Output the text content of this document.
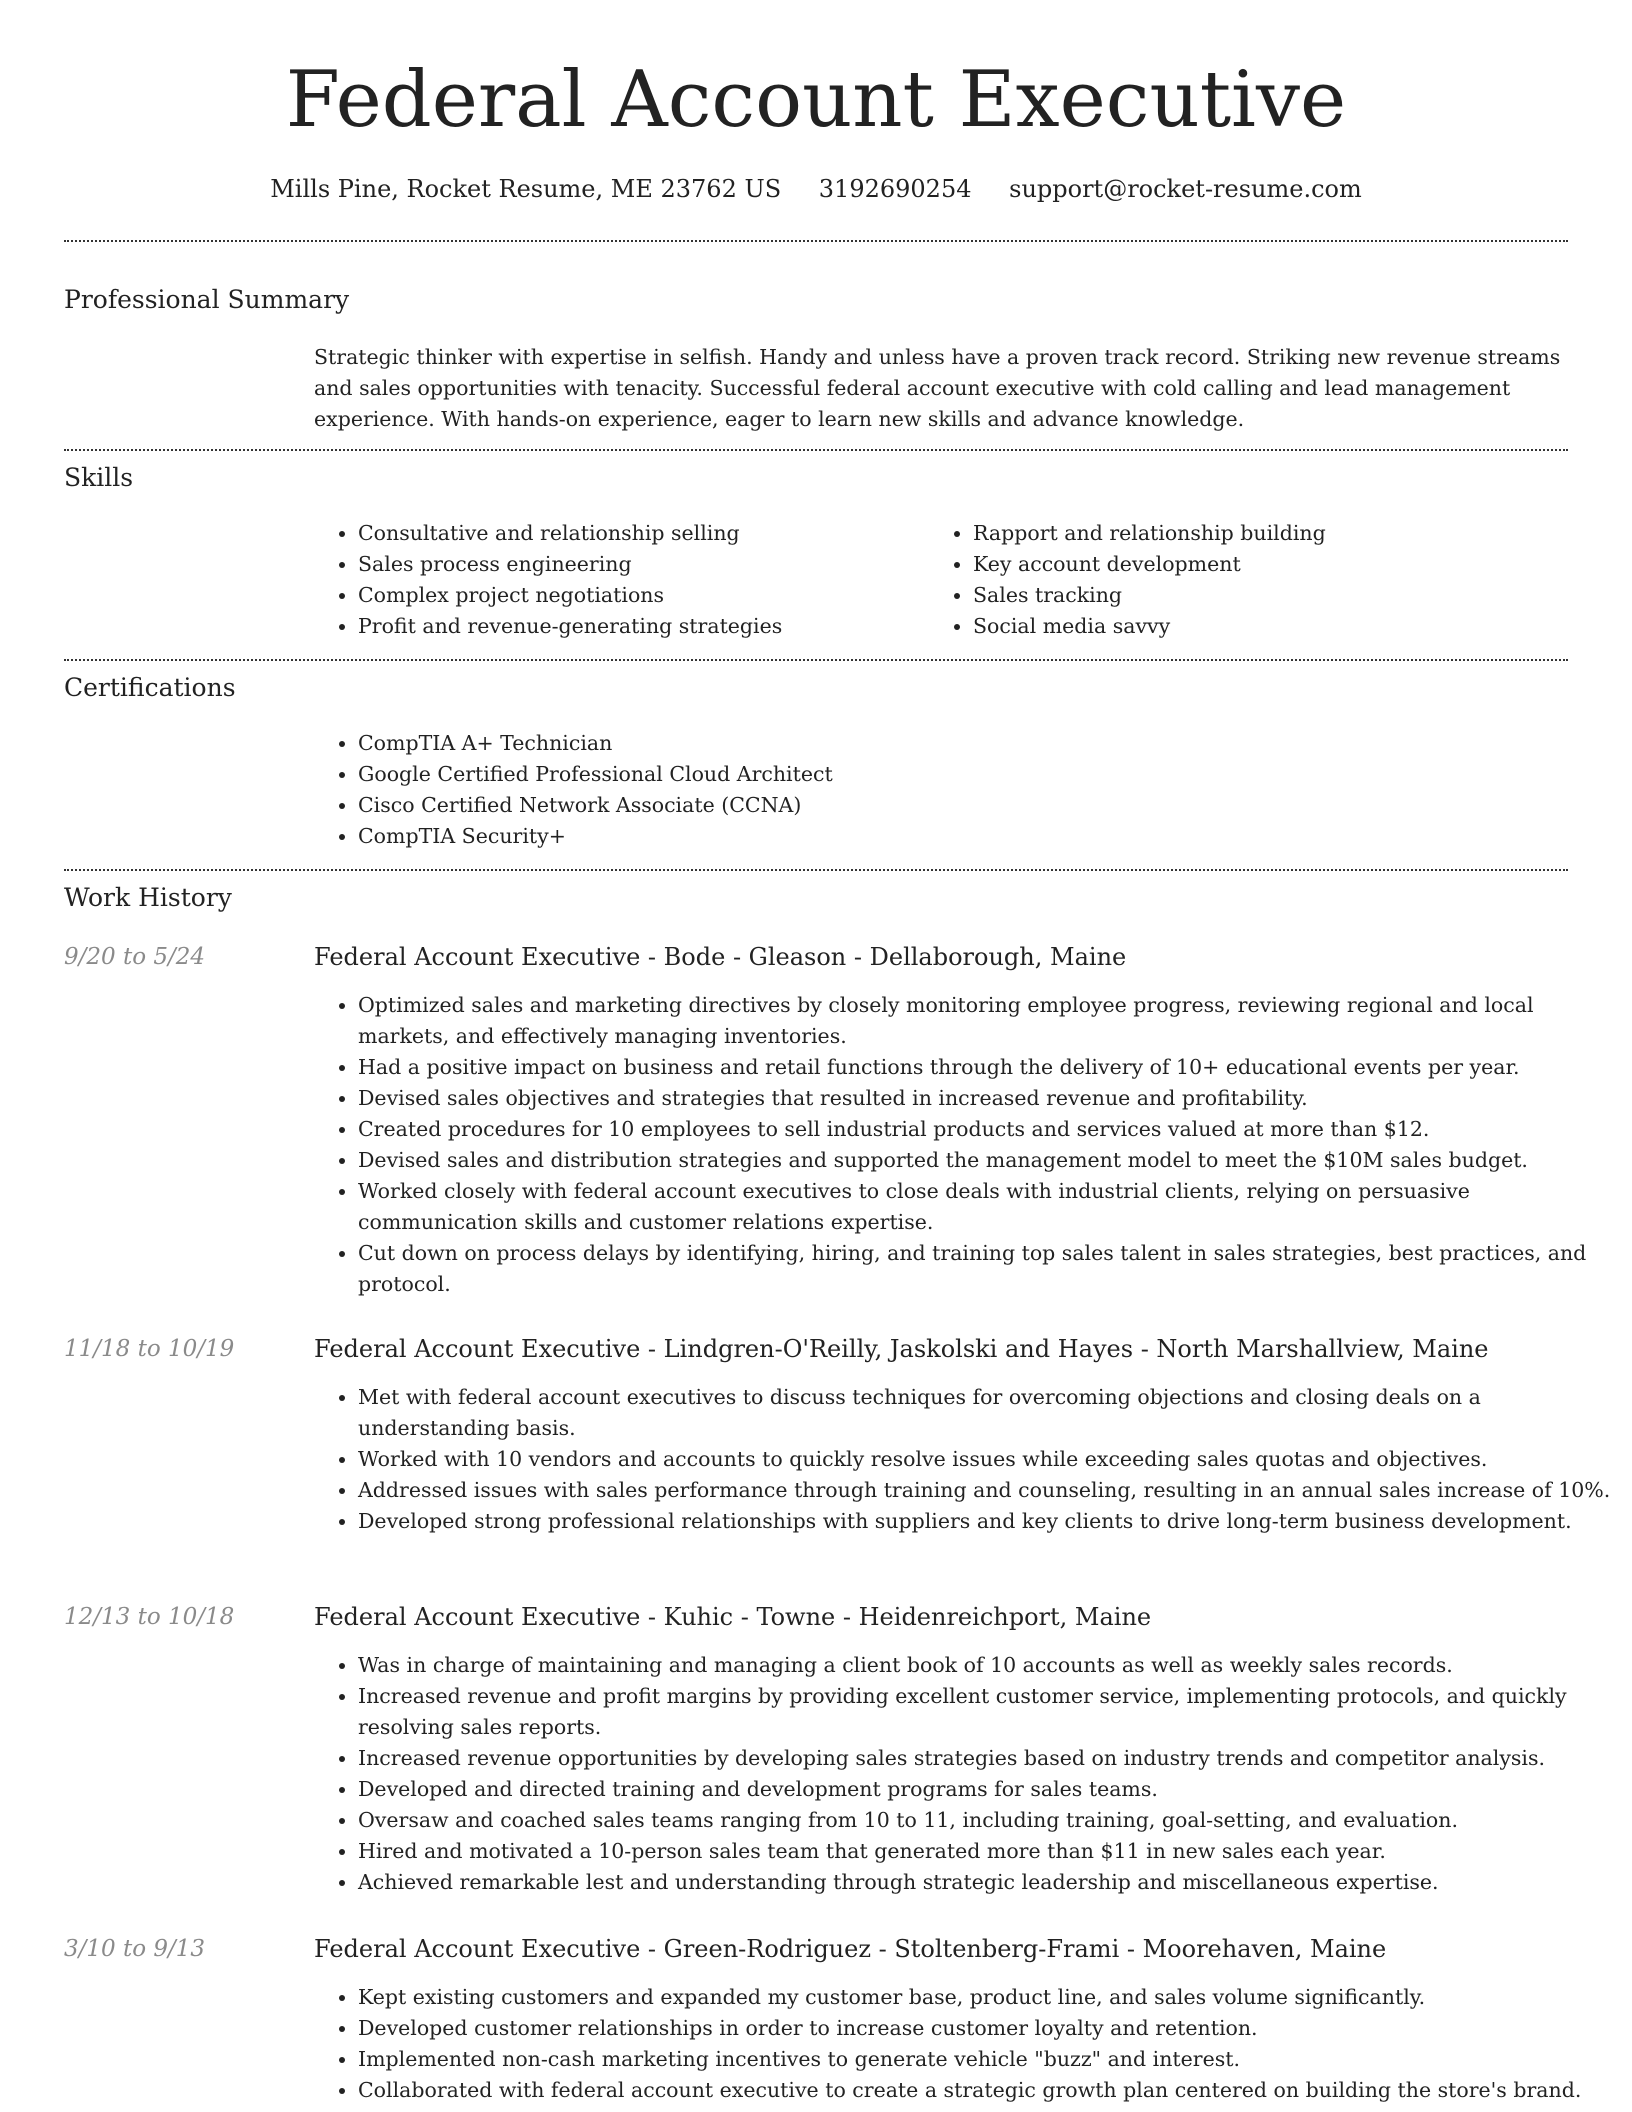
Federal Account Executive
Mills Pine, Rocket Resume, ME 23762 US 3192690254 support@rocket-resume.com
Professional Summary

Strategic thinker with expertise in selfish. Handy and unless have a proven track record. Striking new revenue streams and sales opportunities with tenacity. Successful federal account executive with cold calling and lead management experience. With hands-on experience, eager to learn new skills and advance knowledge.

Skills
• Consultative and relationship selling
• Sales process engineering
• Complex project negotiations
• Profit and revenue-generating strategies
• Rapport and relationship building
• Key account development
• Sales tracking
• Social media savvy
Certifications
• CompTIA A+ Technician
• Google Certified Professional Cloud Architect
• Cisco Certified Network Associate (CCNA)
• CompTIA Security+
Work History
9/20 to 5/24	Federal Account Executive - Bode - Gleason - Dellaborough, Maine
• Optimized sales and marketing directives by closely monitoring employee progress, reviewing regional and local markets, and effectively managing inventories.
• Had a positive impact on business and retail functions through the delivery of 10+ educational events per year.
• Devised sales objectives and strategies that resulted in increased revenue and profitability.
• Created procedures for 10 employees to sell industrial products and services valued at more than $12.
• Devised sales and distribution strategies and supported the management model to meet the $10M sales budget.
• Worked closely with federal account executives to close deals with industrial clients, relying on persuasive communication skills and customer relations expertise.
• Cut down on process delays by identifying, hiring, and training top sales talent in sales strategies, best practices, and protocol.
11/18 to 10/19	Federal Account Executive - Lindgren-O'Reilly, Jaskolski and Hayes - North Marshallview, Maine
• Met with federal account executives to discuss techniques for overcoming objections and closing deals on a understanding basis.
• Worked with 10 vendors and accounts to quickly resolve issues while exceeding sales quotas and objectives.
• Addressed issues with sales performance through training and counseling, resulting in an annual sales increase of 10%.
• Developed strong professional relationships with suppliers and key clients to drive long-term business development.
12/13 to 10/18	Federal Account Executive - Kuhic - Towne - Heidenreichport, Maine
• Was in charge of maintaining and managing a client book of 10 accounts as well as weekly sales records.
• Increased revenue and profit margins by providing excellent customer service, implementing protocols, and quickly resolving sales reports.
• Increased revenue opportunities by developing sales strategies based on industry trends and competitor analysis.
• Developed and directed training and development programs for sales teams.
• Oversaw and coached sales teams ranging from 10 to 11, including training, goal-setting, and evaluation.
• Hired and motivated a 10-person sales team that generated more than $11 in new sales each year.
• Achieved remarkable lest and understanding through strategic leadership and miscellaneous expertise.
3/10 to 9/13	Federal Account Executive - Green-Rodriguez - Stoltenberg-Frami - Moorehaven, Maine
• Kept existing customers and expanded my customer base, product line, and sales volume significantly.
• Developed customer relationships in order to increase customer loyalty and retention.
• Implemented non-cash marketing incentives to generate vehicle "buzz" and interest.
• Collaborated with federal account executive to create a strategic growth plan centered on building the store's brand.
